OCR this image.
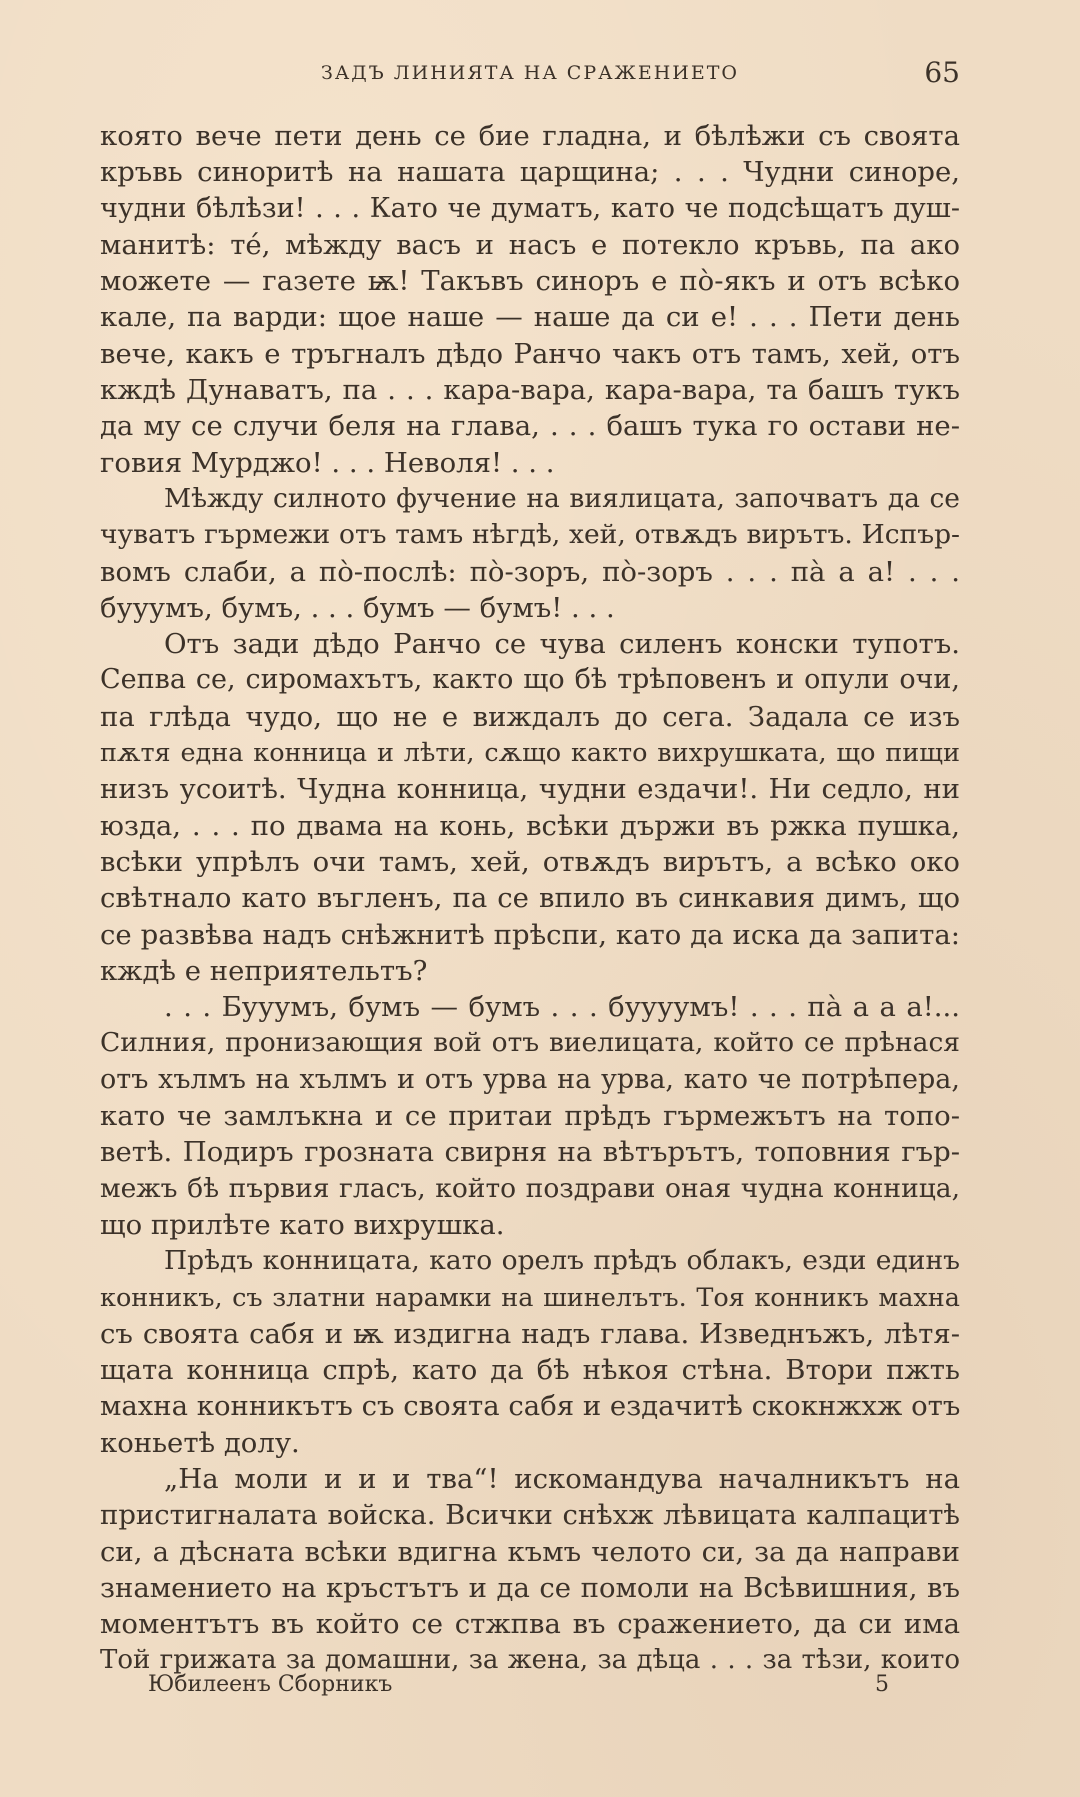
ЗАДЪ ЛИНИЯТА НА СРАЖЕНИЕТО	65
която вече пети день се бие гладна, и бѣлѣжи съ своята
кръвь синоритѣ на нашата царщина; . . . Чудни синоре,
чудни бѣлѣзи! . . . Като че думатъ, като че подсѣщатъ душ-
манитѣ: тé, мѣжду васъ и насъ е потекло кръвь, па ако
можете — газете ѭ! Такъвъ синоръ е пò-якъ и отъ всѣко
кале, па варди: щое наше — наше да си е! . . . Пети день
вече, какъ е тръгналъ дѣдо Ранчо чакъ отъ тамъ, хей, отъ
кждѣ Дунаватъ, па . . . кара-вара, кара-вара, та башъ тукъ
да му се случи беля на глава, . . . башъ тука го остави не-
говия Мурджо! . . . Неволя! . . .
Мѣжду силното фучение на виялицата, започватъ да се
чуватъ гърмежи отъ тамъ нѣгдѣ, хей, отвѫдъ вирътъ. Испър-
вомъ слаби, а пò-послѣ: пò-зоръ, пò-зоръ . . . пà а а! . . .
бууумъ, бумъ, . . . бумъ — бумъ! . . .
Отъ зади дѣдо Ранчо се чува силенъ конски тупотъ.
Сепва се, сиромахътъ, както що бѣ трѣповенъ и опули очи,
па глѣда чудо, що не е виждалъ до сега. Задала се изъ
пѫтя една конница и лѣти, сѫщо както вихрушката, що пищи
низъ усоитѣ. Чудна конница, чудни ездачи!. Ни седло, ни
юзда, . . . по двама на конь, всѣки държи въ ржка пушка,
всѣки упрѣлъ очи тамъ, хей, отвѫдъ вирътъ, а всѣко око
свѣтнало като въгленъ, па се впило въ синкавия димъ, що
се развѣва надъ снѣжнитѣ прѣспи, като да иска да запита:
кждѣ е неприятельтъ?
. . . Бууумъ, бумъ — бумъ . . . буууумъ! . . . пà а а а!...
Силния, пронизающия вой отъ виелицата, който се прѣнася
отъ хълмъ на хълмъ и отъ урва на урва, като че потрѣпера,
като че замлъкна и се притаи прѣдъ гърмежътъ на топо-
ветѣ. Подиръ грозната свирня на вѣтърътъ, топовния гър-
межъ бѣ първия гласъ, който поздрави оная чудна конница,
що прилѣте като вихрушка.
Прѣдъ конницата, като орелъ прѣдъ облакъ, езди единъ
конникъ, съ златни нарамки на шинелътъ. Тоя конникъ махна
съ своята сабя и ѭ издигна надъ глава. Изведнъжъ, лѣтя-
щата конница спрѣ, като да бѣ нѣкоя стѣна. Втори пжть
махна конникътъ съ своята сабя и ездачитѣ скокнжхж отъ
коньетѣ долу.
„На моли и и и тва“! искомандува началникътъ на
пристигналата войска. Всички снѣхж лѣвицата калпацитѣ
си, а дѣсната всѣки вдигна къмъ челото си, за да направи
знамението на кръстътъ и да се помоли на Всѣвишния, въ
моментътъ въ който се стжпва въ сражението, да си има
Той грижата за домашни, за жена, за дѣца . . . за тѣзи, които
Юбилеенъ Сборникъ	5
